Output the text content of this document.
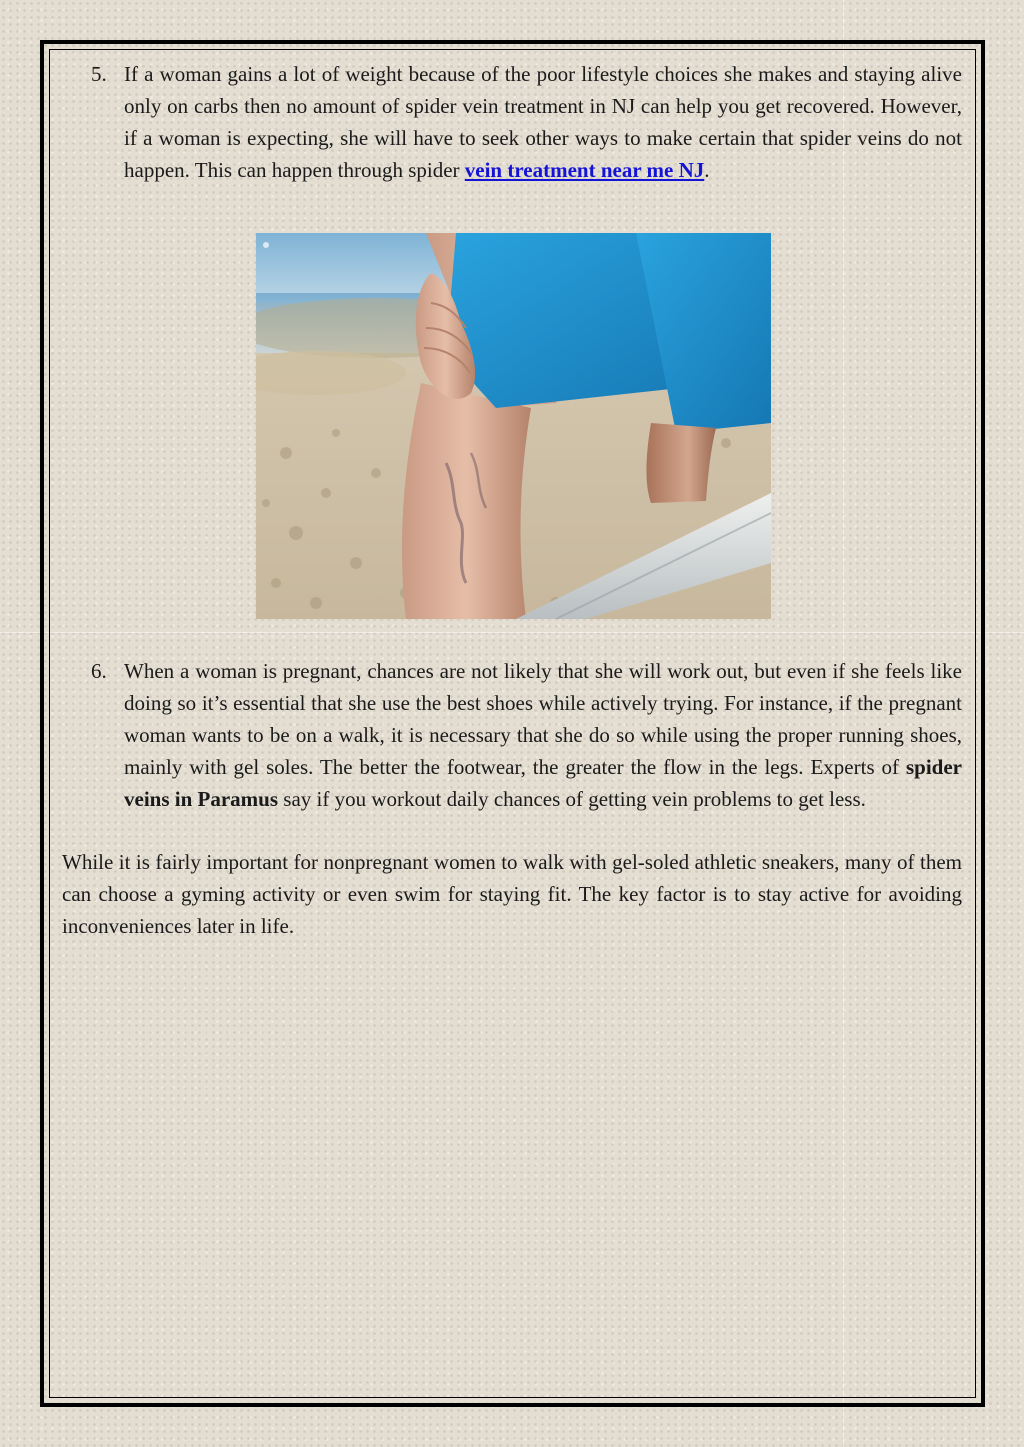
5. If a woman gains a lot of weight because of the poor lifestyle choices she makes and staying alive only on carbs then no amount of spider vein treatment in NJ can help you get recovered. However, if a woman is expecting, she will have to seek other ways to make certain that spider veins do not happen. This can happen through spider vein treatment near me NJ.
6. When a woman is pregnant, chances are not likely that she will work out, but even if she feels like doing so it’s essential that she use the best shoes while actively trying. For instance, if the pregnant woman wants to be on a walk, it is necessary that she do so while using the proper running shoes, mainly with gel soles. The better the footwear, the greater the flow in the legs. Experts of spider veins in Paramus say if you workout daily chances of getting vein problems to get less.

While it is fairly important for nonpregnant women to walk with gel-soled athletic sneakers, many of them can choose a gyming activity or even swim for staying fit. The key factor is to stay active for avoiding inconveniences later in life.
